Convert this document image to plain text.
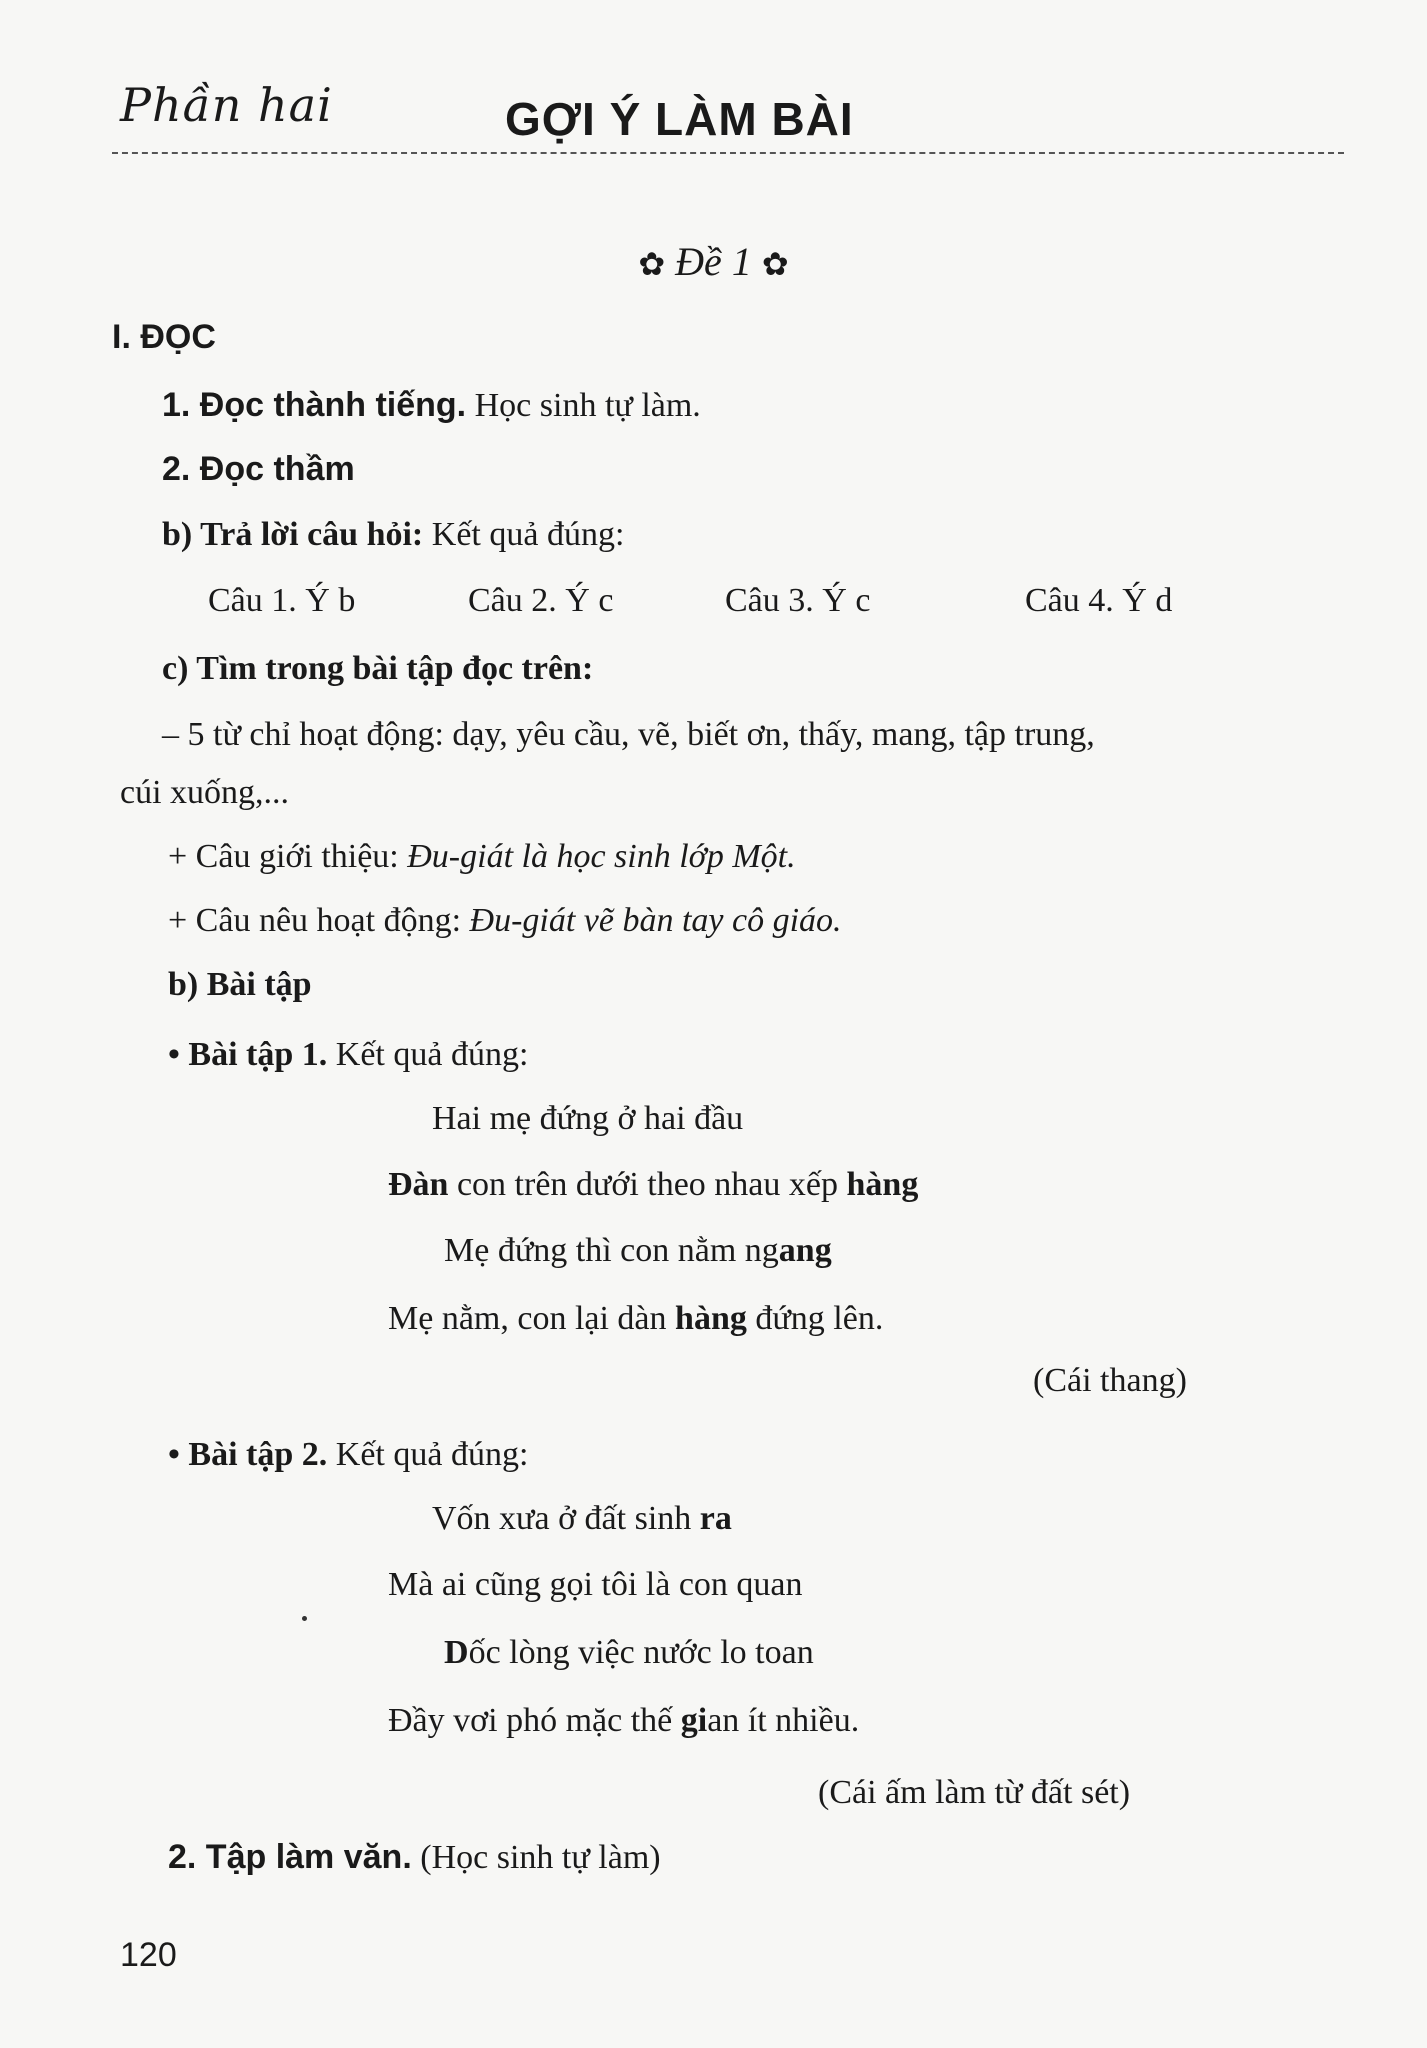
Phần hai	GỢI Ý LÀM BÀI
✿ Đề 1 ✿
I. ĐỌC
1. Đọc thành tiếng. Học sinh tự làm.
2. Đọc thầm
b) Trả lời câu hỏi: Kết quả đúng:
Câu 1. Ý b	Câu 2. Ý c	Câu 3. Ý c	Câu 4. Ý d
c) Tìm trong bài tập đọc trên:
– 5 từ chỉ hoạt động: dạy, yêu cầu, vẽ, biết ơn, thấy, mang, tập trung,
cúi xuống,...
+ Câu giới thiệu: Đu-giát là học sinh lớp Một.
+ Câu nêu hoạt động: Đu-giát vẽ bàn tay cô giáo.
b) Bài tập
• Bài tập 1. Kết quả đúng:
Hai mẹ đứng ở hai đầu
Đàn con trên dưới theo nhau xếp hàng
Mẹ đứng thì con nằm ngang
Mẹ nằm, con lại dàn hàng đứng lên.
(Cái thang)
• Bài tập 2. Kết quả đúng:
Vốn xưa ở đất sinh ra
Mà ai cũng gọi tôi là con quan
Dốc lòng việc nước lo toan
Đầy vơi phó mặc thế gian ít nhiều.
(Cái ấm làm từ đất sét)
2. Tập làm văn. (Học sinh tự làm)
120
